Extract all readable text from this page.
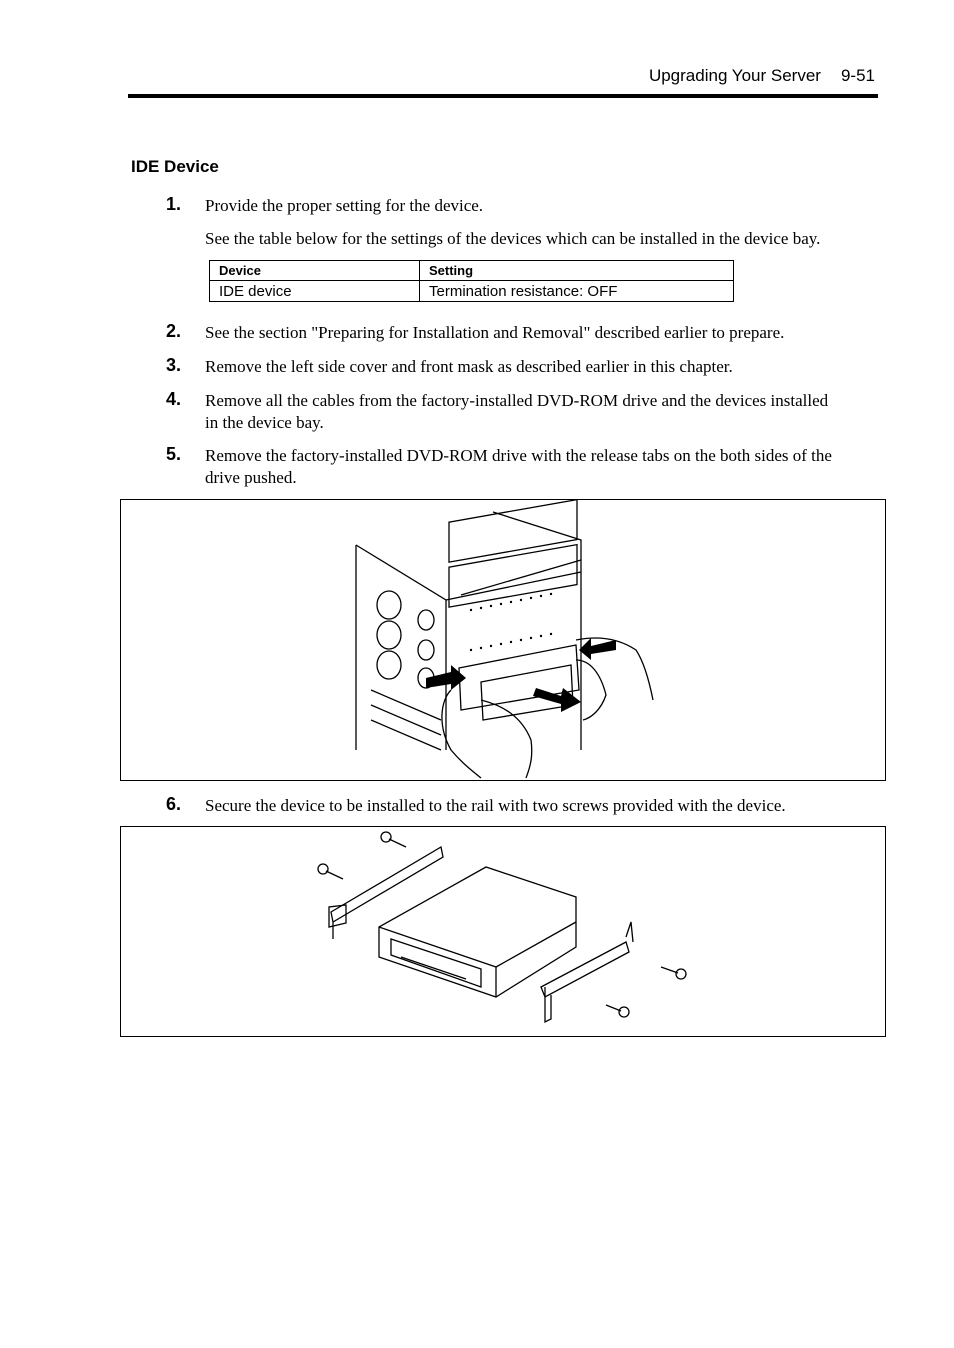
Upgrading Your Server 9-51
IDE Device
1. Provide the proper setting for the device.
See the table below for the settings of the devices which can be installed in the device bay.
Device	Setting
IDE device	Termination resistance: OFF
2. See the section "Preparing for Installation and Removal" described earlier to prepare.
3. Remove the left side cover and front mask as described earlier in this chapter.
4. Remove all the cables from the factory-installed DVD-ROM drive and the devices installed in the device bay.
5. Remove the factory-installed DVD-ROM drive with the release tabs on the both sides of the drive pushed.
6. Secure the device to be installed to the rail with two screws provided with the device.
